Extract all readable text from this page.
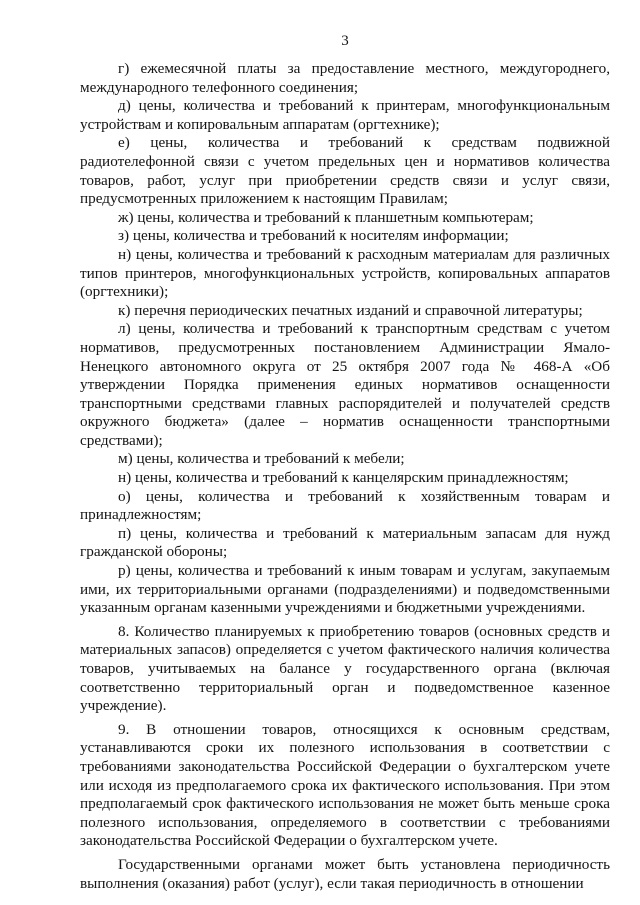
3

г) ежемесячной платы за предоставление местного, междугороднего, международного телефонного соединения;

д) цены, количества и требований к принтерам, многофункциональным устройствам и копировальным аппаратам (оргтехнике);

е) цены, количества и требований к средствам подвижной радиотелефонной связи с учетом предельных цен и нормативов количества товаров, работ, услуг при приобретении средств связи и услуг связи, предусмотренных приложением к настоящим Правилам;

ж) цены, количества и требований к планшетным компьютерам;

з) цены, количества и требований к носителям информации;

н) цены, количества и требований к расходным материалам для различных типов принтеров, многофункциональных устройств, копировальных аппаратов (оргтехники);

к) перечня периодических печатных изданий и справочной литературы;

л) цены, количества и требований к транспортным средствам с учетом нормативов, предусмотренных постановлением Администрации Ямало-Ненецкого автономного округа от 25 октября 2007 года № 468-А «Об утверждении Порядка применения единых нормативов оснащенности транспортными средствами главных распорядителей и получателей средств окружного бюджета» (далее – норматив оснащенности транспортными средствами);

м) цены, количества и требований к мебели;

н) цены, количества и требований к канцелярским принадлежностям;

о) цены, количества и требований к хозяйственным товарам и принадлежностям;

п) цены, количества и требований к материальным запасам для нужд гражданской обороны;

р) цены, количества и требований к иным товарам и услугам, закупаемым ими, их территориальными органами (подразделениями) и подведомственными указанным органам казенными учреждениями и бюджетными учреждениями.

8. Количество планируемых к приобретению товаров (основных средств и материальных запасов) определяется с учетом фактического наличия количества товаров, учитываемых на балансе у государственного органа (включая соответственно территориальный орган и подведомственное казенное учреждение).

9. В отношении товаров, относящихся к основным средствам, устанавливаются сроки их полезного использования в соответствии с требованиями законодательства Российской Федерации о бухгалтерском учете или исходя из предполагаемого срока их фактического использования. При этом предполагаемый срок фактического использования не может быть меньше срока полезного использования, определяемого в соответствии с требованиями законодательства Российской Федерации о бухгалтерском учете.

Государственными органами может быть установлена периодичность выполнения (оказания) работ (услуг), если такая периодичность в отношении
